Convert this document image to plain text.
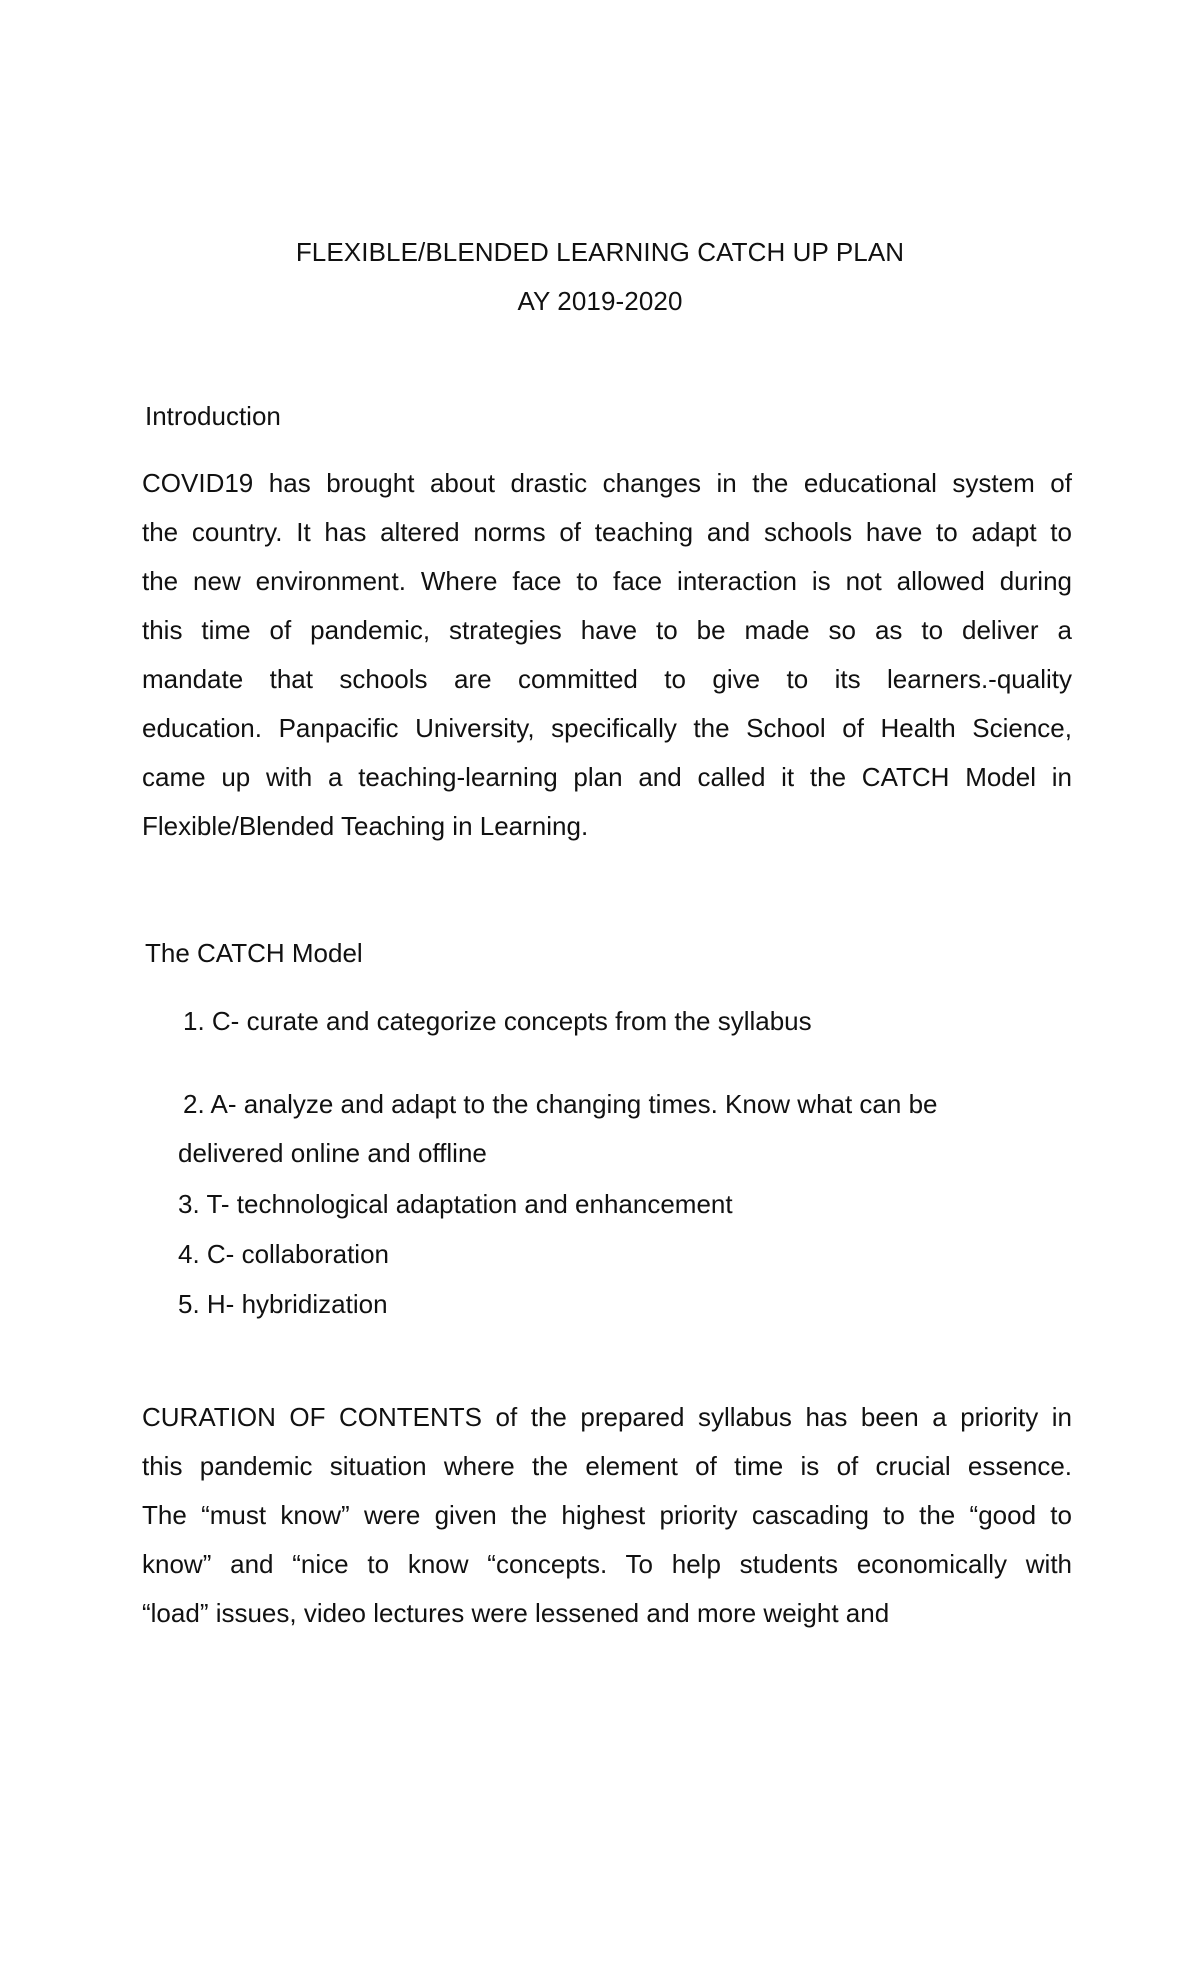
FLEXIBLE/BLENDED LEARNING CATCH UP PLAN
AY 2019-2020
Introduction
COVID19 has brought about drastic changes in the educational system of
the country. It has altered norms of teaching and schools have to adapt to
the new environment. Where face to face interaction is not allowed during
this time of pandemic, strategies have to be made so as to deliver a
mandate that schools are committed to give to its learners.-quality
education. Panpacific University, specifically the School of Health Science,
came up with a teaching-learning plan and called it the CATCH Model in
Flexible/Blended Teaching in Learning.
The CATCH Model
1. C- curate and categorize concepts from the syllabus
2. A- analyze and adapt to the changing times. Know what can be
delivered online and offline
3. T- technological adaptation and enhancement
4. C- collaboration
5. H- hybridization
CURATION OF CONTENTS of the prepared syllabus has been a priority in
this pandemic situation where the element of time is of crucial essence.
The “must know” were given the highest priority cascading to the “good to
know” and “nice to know “concepts. To help students economically with
“load” issues, video lectures were lessened and more weight and
